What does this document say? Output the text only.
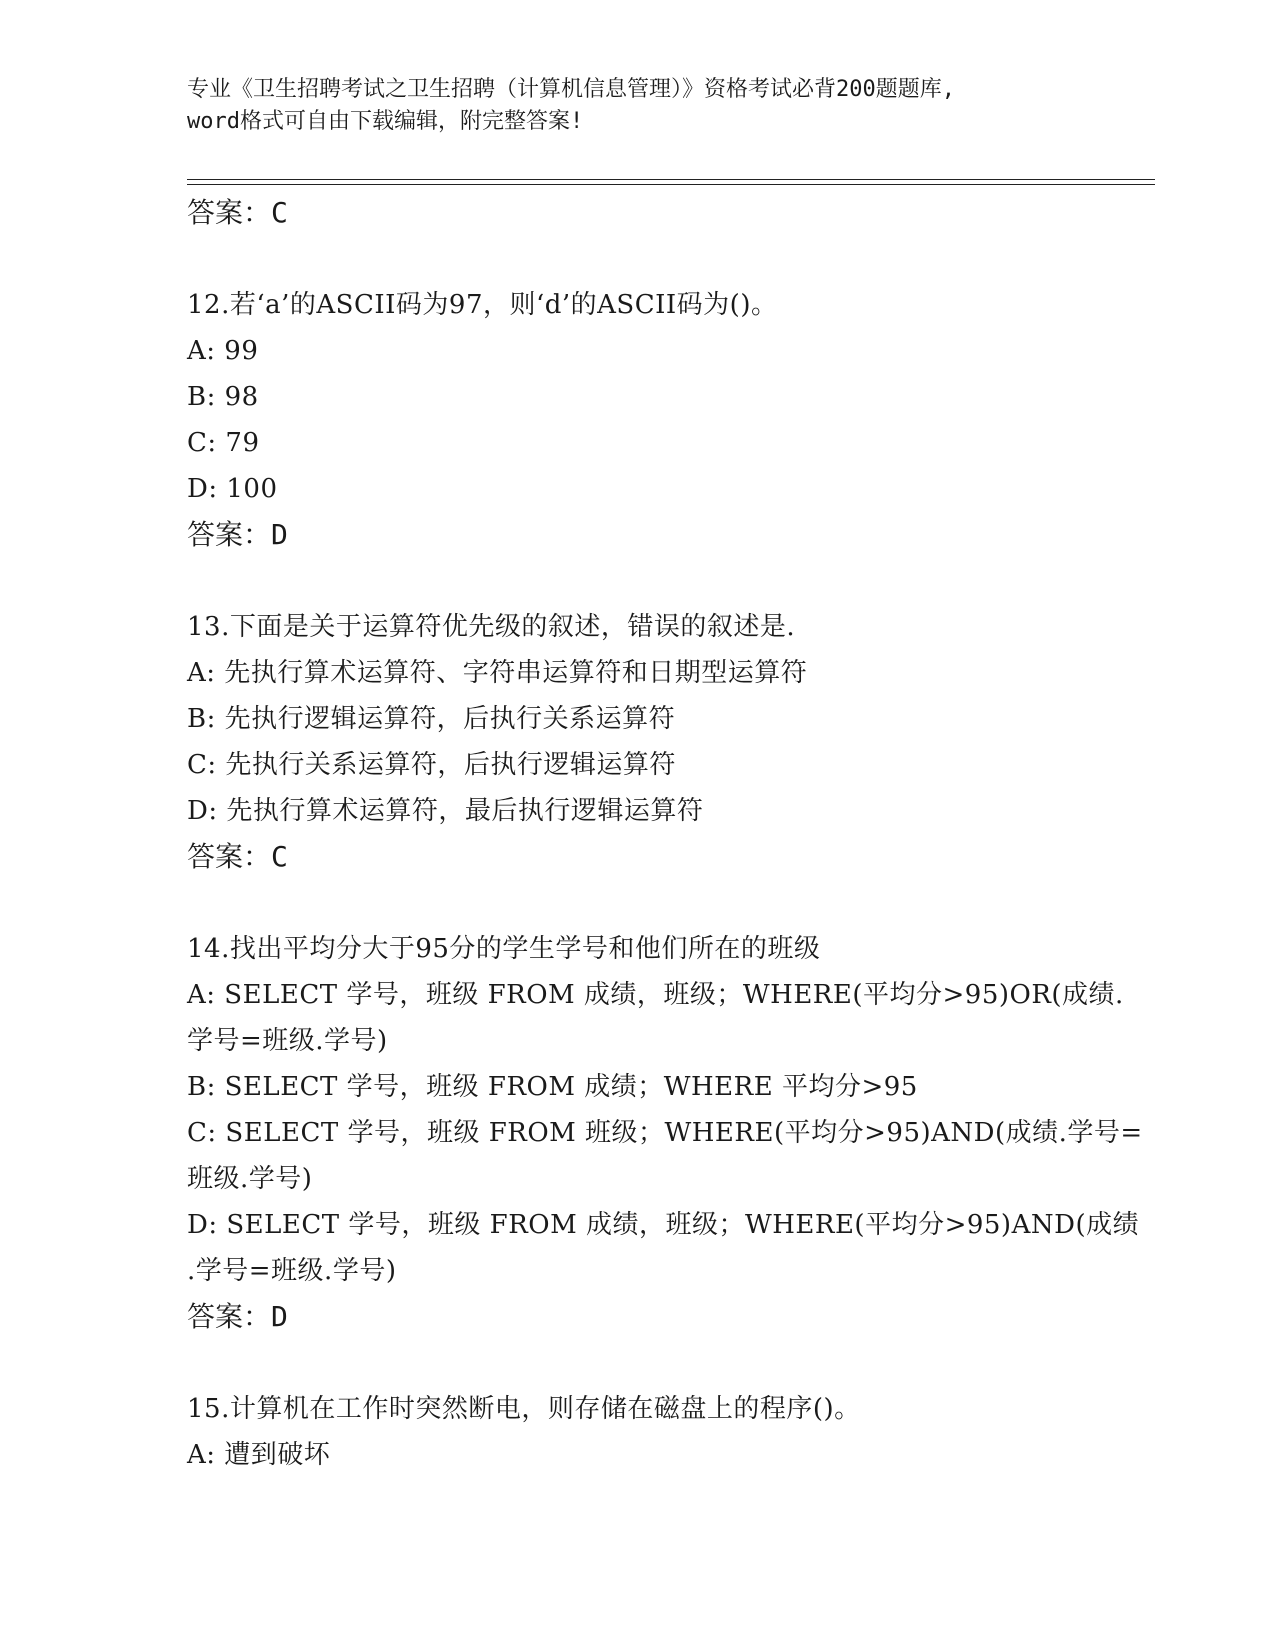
专业《卫生招聘考试之卫生招聘（计算机信息管理）》资格考试必背200题题库,
word格式可自由下载编辑，附完整答案!
答案：C
12.若‘a’的ASCII码为97，则‘d’的ASCII码为()。
A: 99
B: 98
C: 79
D: 100
答案：D
13.下面是关于运算符优先级的叙述，错误的叙述是.
A: 先执行算术运算符、字符串运算符和日期型运算符
B: 先执行逻辑运算符，后执行关系运算符
C: 先执行关系运算符，后执行逻辑运算符
D: 先执行算术运算符，最后执行逻辑运算符
答案：C
14.找出平均分大于95分的学生学号和他们所在的班级
A: SELECT 学号，班级 FROM 成绩，班级；WHERE(平均分>95)OR(成绩.
学号=班级.学号)
B: SELECT 学号，班级 FROM 成绩；WHERE 平均分>95
C: SELECT 学号，班级 FROM 班级；WHERE(平均分>95)AND(成绩.学号=
班级.学号)
D: SELECT 学号，班级 FROM 成绩，班级；WHERE(平均分>95)AND(成绩
.学号=班级.学号)
答案：D
15.计算机在工作时突然断电，则存储在磁盘上的程序()。
A: 遭到破坏
